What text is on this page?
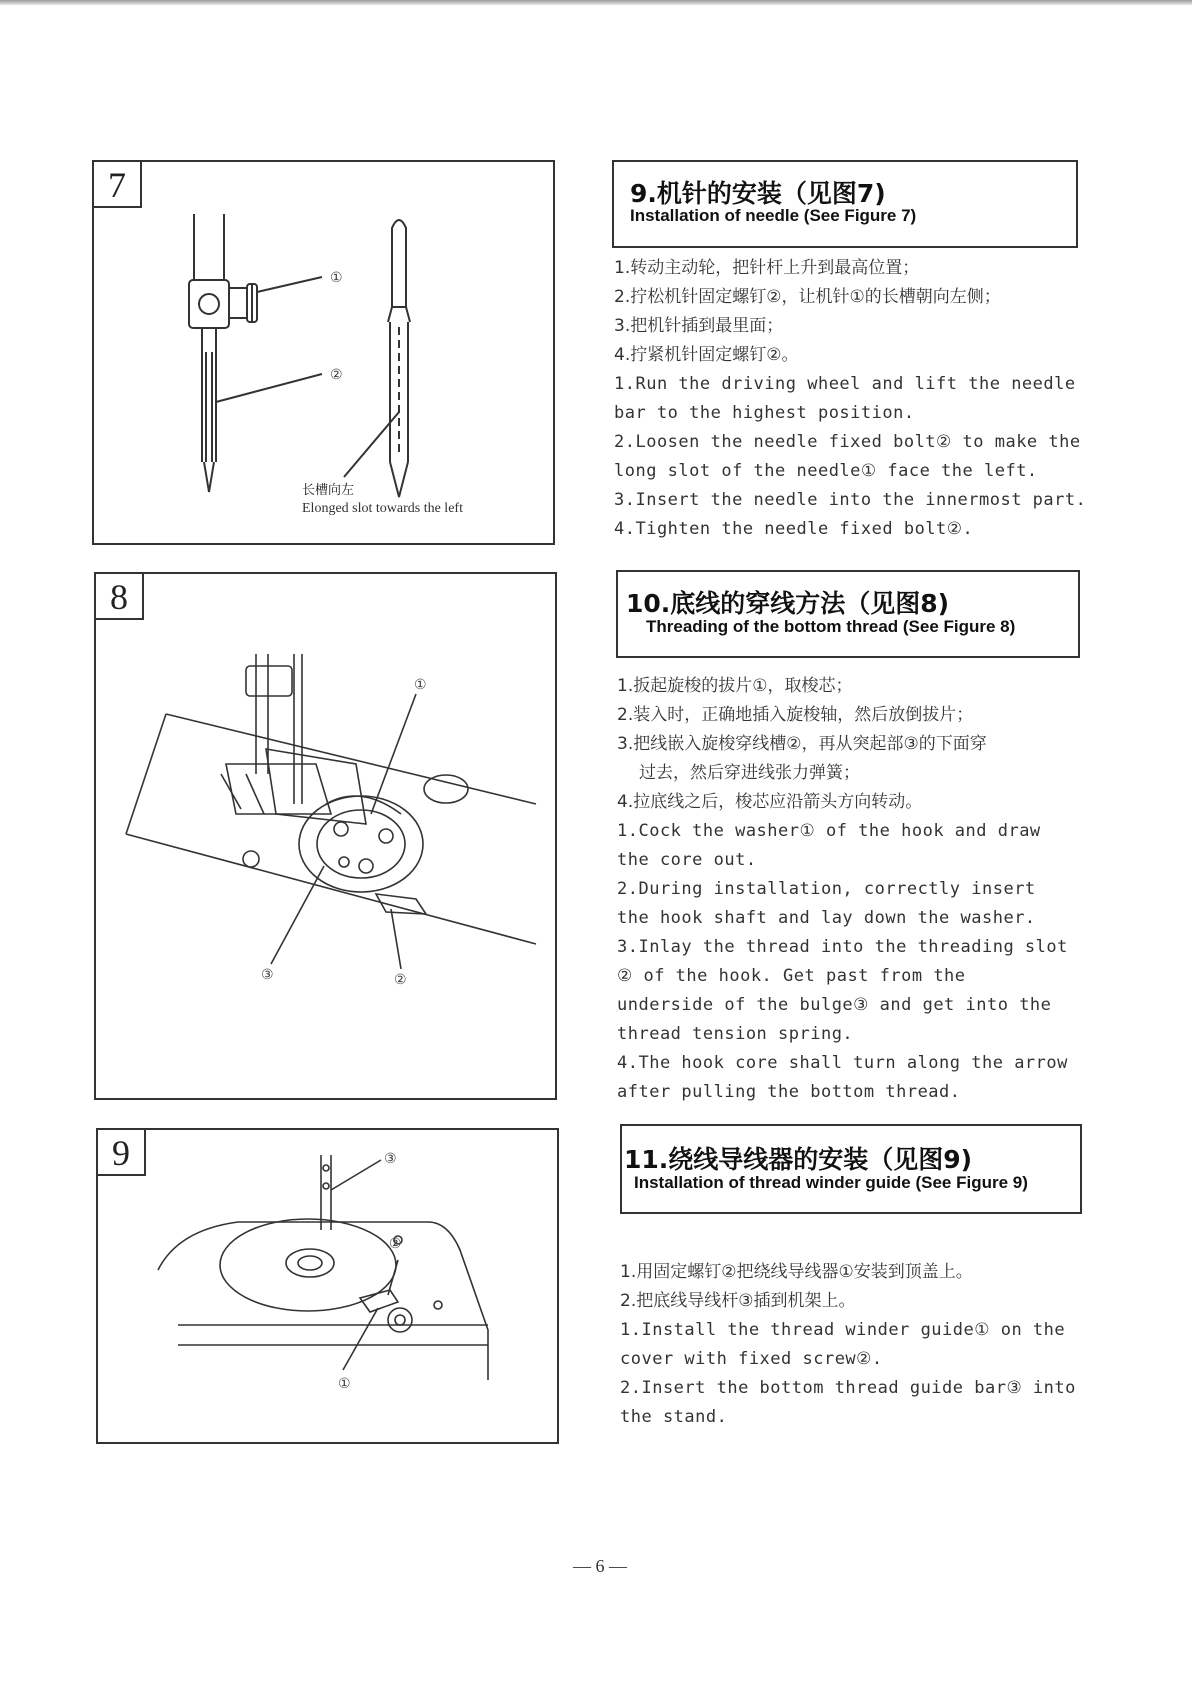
7
①
②
长槽向左
Elonged slot towards the left
8
①
②
③
9	③
②
①
9.机针的安装（见图7)
Installation of needle (See Figure 7)
1.转动主动轮，把针杆上升到最高位置；
2.拧松机针固定螺钉②，让机针①的长槽朝向左侧；
3.把机针插到最里面；
4.拧紧机针固定螺钉②。
1.Run the driving wheel and lift the needle
bar to the highest position.
2.Loosen the needle fixed bolt② to make the
long slot of the needle① face the left.
3.Insert the needle into the innermost part.
4.Tighten the needle fixed bolt②.
10.底线的穿线方法（见图8)
Threading of the bottom thread (See Figure 8)
1.扳起旋梭的拔片①，取梭芯；
2.装入时，正确地插入旋梭轴，然后放倒拔片；
3.把线嵌入旋梭穿线槽②，再从突起部③的下面穿
过去，然后穿进线张力弹簧；
4.拉底线之后，梭芯应沿箭头方向转动。
1.Cock the washer① of the hook and draw
the core out.
2.During installation, correctly insert
the hook shaft and lay down the washer.
3.Inlay the thread into the threading slot
② of the hook. Get past from the
underside of the bulge③ and get into the
thread tension spring.
4.The hook core shall turn along the arrow
after pulling the bottom thread.
11.绕线导线器的安装（见图9)
Installation of thread winder guide (See Figure 9)
1.用固定螺钉②把绕线导线器①安装到顶盖上。
2.把底线导线杆③插到机架上。
1.Install the thread winder guide① on the
cover with fixed screw②.
2.Insert the bottom thread guide bar③ into
the stand.
— 6 —
